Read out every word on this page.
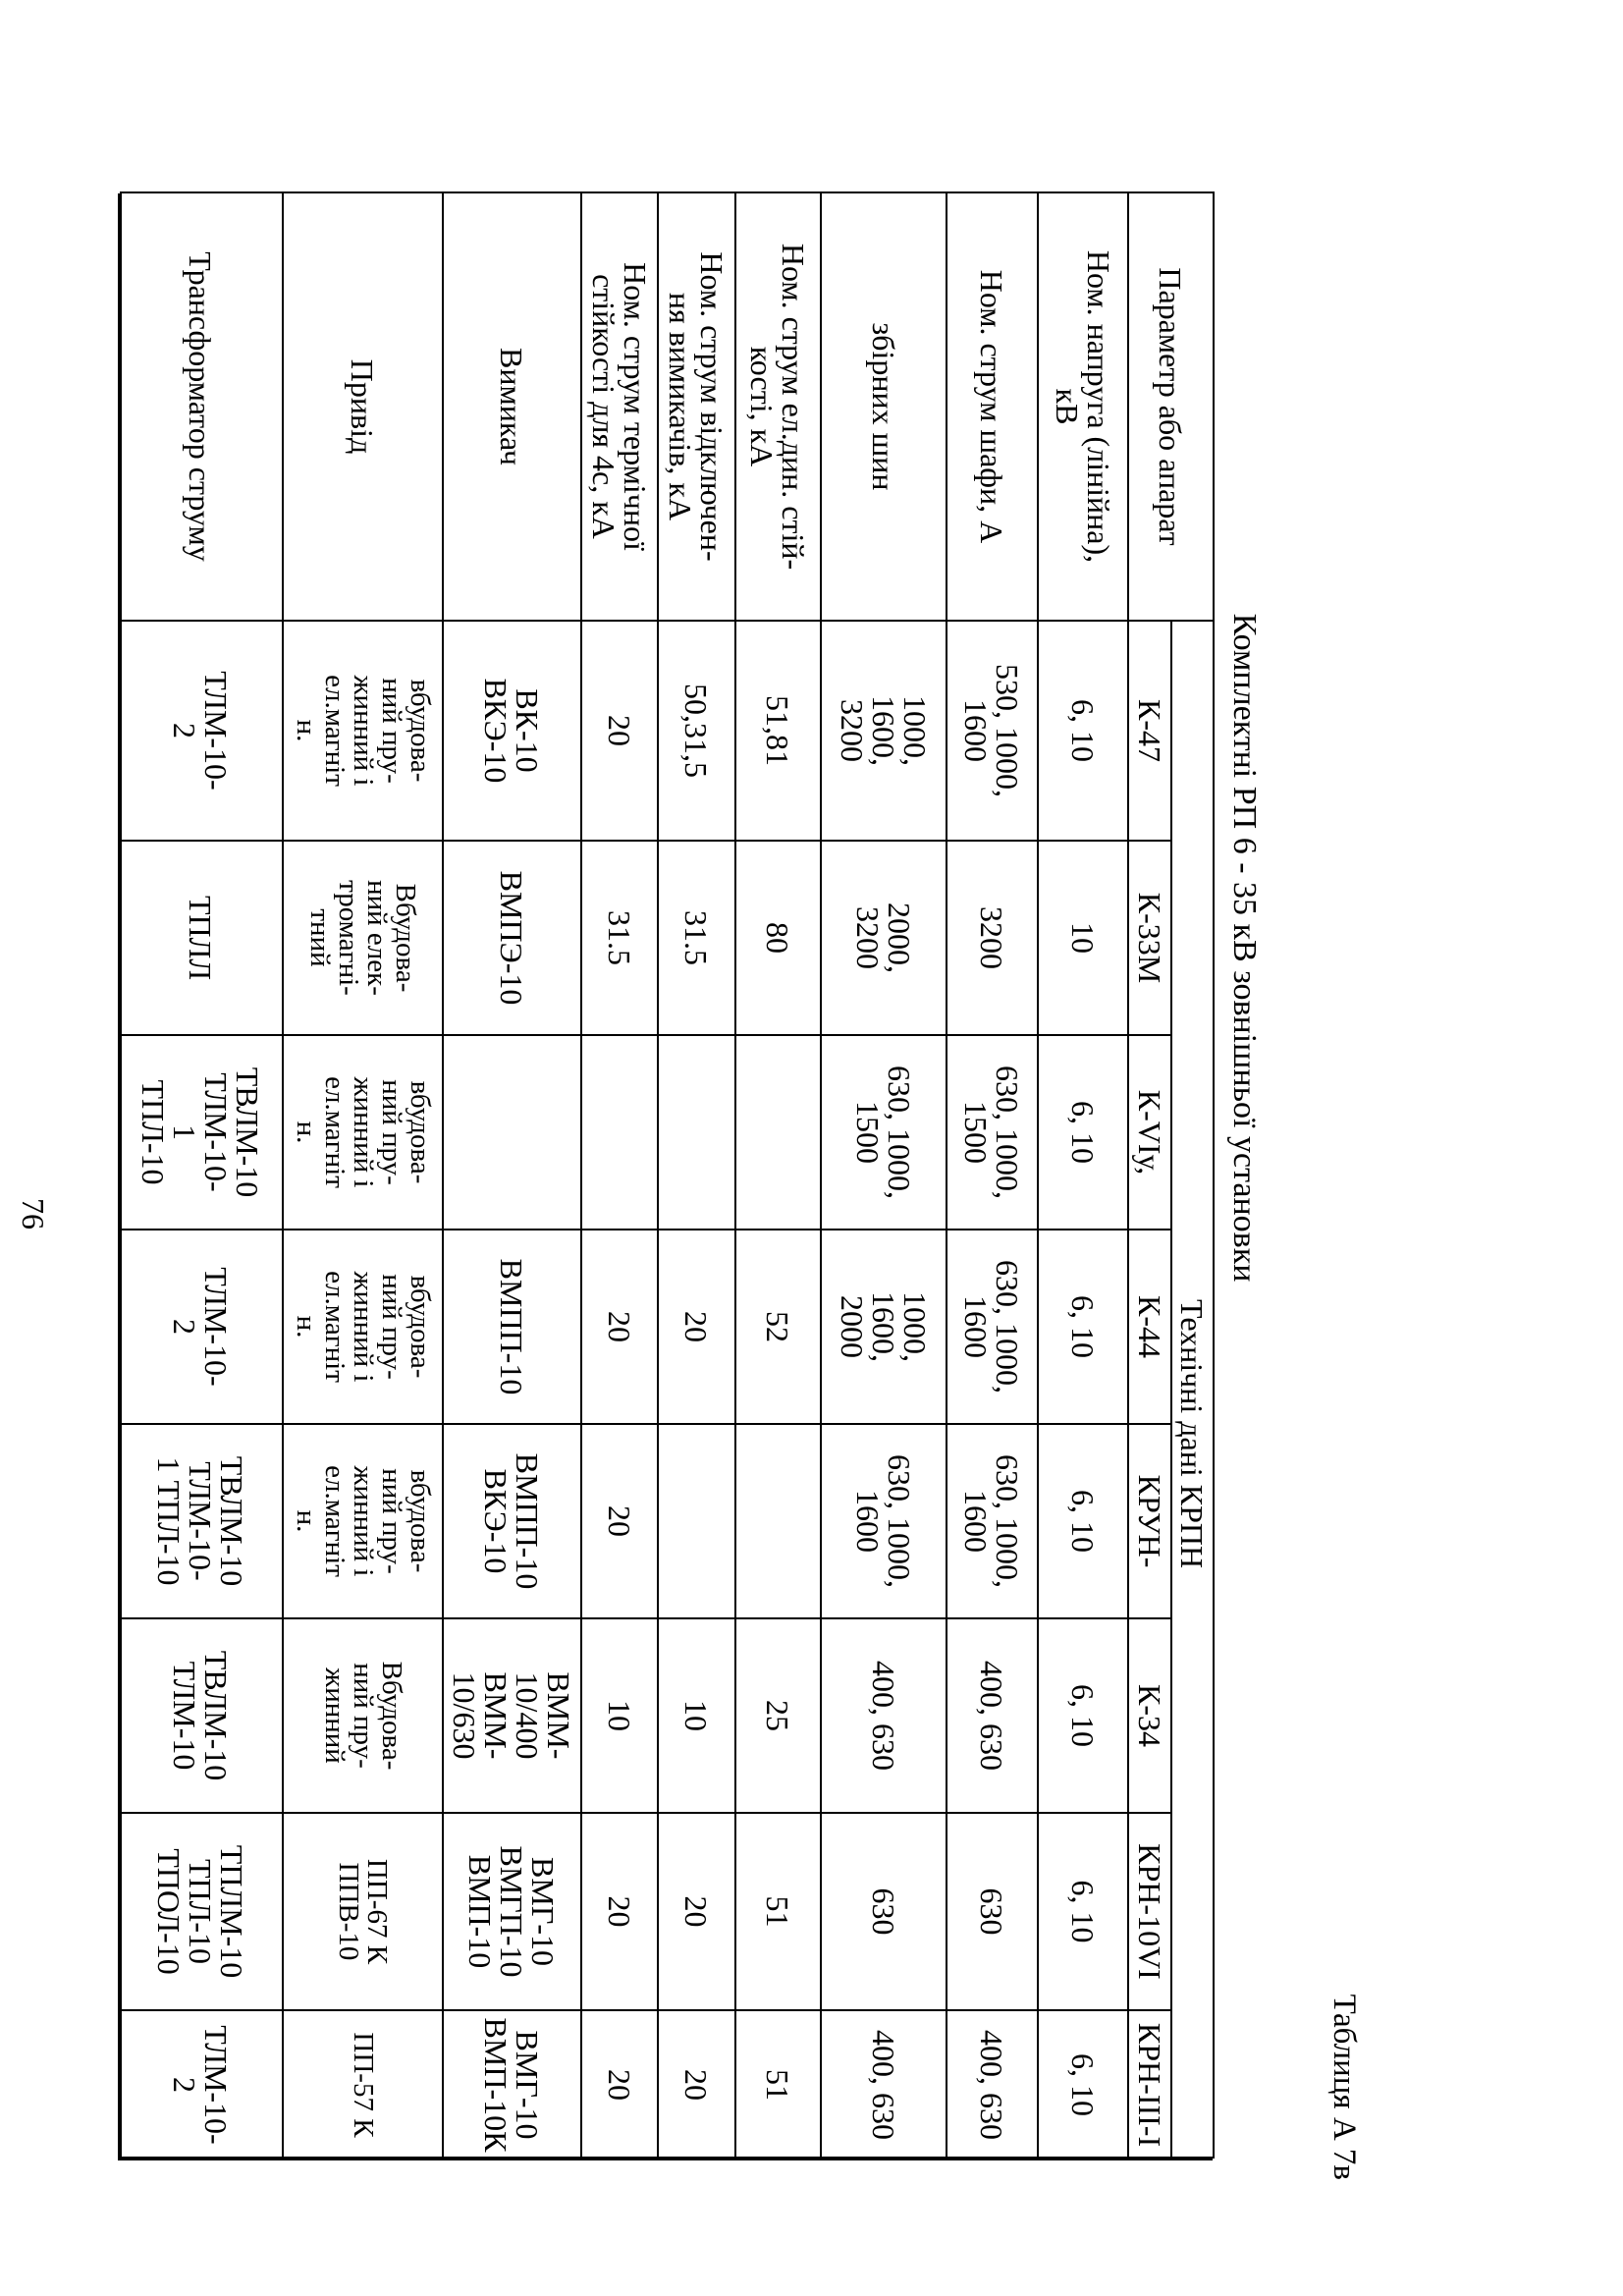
Таблиця А 7в
Комплектні РП 6 - 35 кВ зовнішньої установки
Параметр або апарат
Технічні дані КРПН
К-47
К-33М
К-VIу,
К-44
КРУН-
К-34
КРН-10VI
КРН-ІІІ-І
Ном. напруга (лінійна),
кВ
6, 10
10
6, 10
6, 10
6, 10
6, 10
6, 10
6, 10
Ном. струм шафи, А
530, 1000,
1600
3200
630, 1000,
1500
630, 1000,
1600
630, 1000,
1600
400, 630
630
400, 630
збірних шин
1000,
1600,
3200
2000,
3200
630, 1000,
1500
1000,
1600,
2000
630, 1000,
1600
400, 630
630
400, 630
Ном. струм ел.дин. стій-
кості, кА
51,81
80
52
25
51
51
Ном. струм відключен-
ня вимикачів, кА
50,31,5
31.5
20
10
20
20
Ном. струм термічної
стійкості для 4с, кА
20
31.5
20
20
10
20
20
Вимикач
ВК-10
ВКЭ-10
ВМПЭ-10
ВМПП-10
ВМПП-10
ВКЭ-10
ВММ-
10/400
ВММ-
10/630
ВМГ-10
ВМГП-10
ВМП-10
ВМГ-10
ВМП-10К
Привід
вбудова-
ний пру-
жинний і
ел.магніт
н.
Вбудова-
ний елек-
тромагні-
тний
вбудова-
ний пру-
жинний і
ел.магніт
н.
вбудова-
ний пру-
жинний і
ел.магніт
н.
вбудова-
ний пру-
жинний і
ел.магніт
н.
Вбудова-
ний пру-
жинний
ПП-67 К
ППВ-10
ПП-57 К
Трансформатор струму
ТЛМ-10-
2
ТПЛЛ
ТВЛМ-10
ТЛМ-10-
1
ТПЛ-10
ТЛМ-10-
2
ТВЛМ-10
ТЛМ-10-
1 ТПЛ-10
ТВЛМ-10
ТЛМ-10
ТПЛМ-10
ТПЛ-10
ТПОЛ-10
ТЛМ-10-
2
76
